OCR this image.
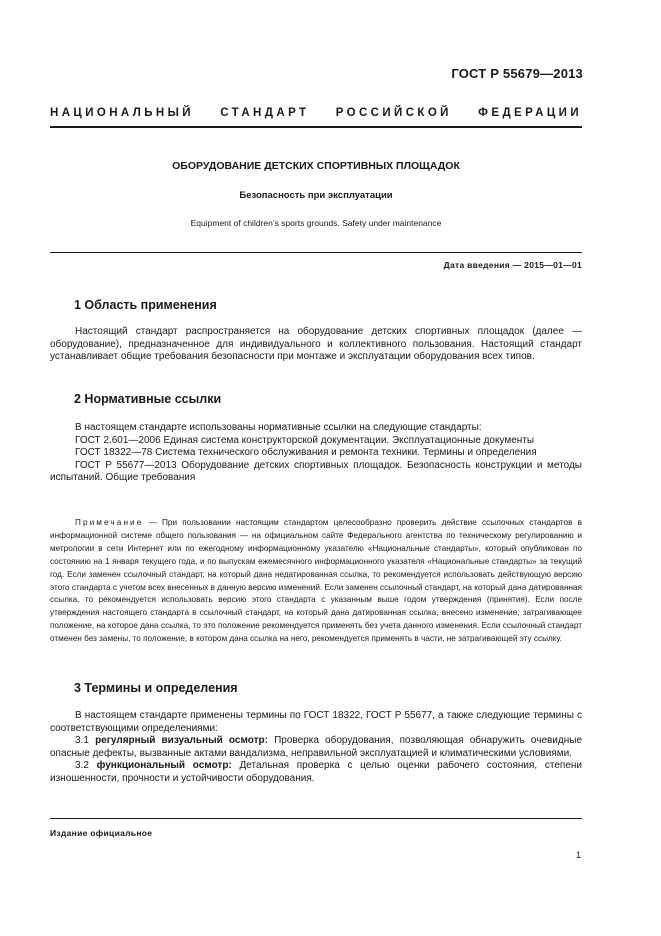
ГОСТ Р 55679—2013
НАЦИОНАЛЬНЫЙ СТАНДАРТ РОССИЙСКОЙ ФЕДЕРАЦИИ
ОБОРУДОВАНИЕ ДЕТСКИХ СПОРТИВНЫХ ПЛОЩАДОК
Безопасность при эксплуатации
Equipment of children’s sports grounds. Safety under maintenance
Дата введения — 2015—01—01
1 Область применения

Настоящий стандарт распространяется на оборудование детских спортивных площадок (далее — оборудование), предназначенное для индивидуального и коллективного пользования. Настоящий стандарт устанавливает общие требования безопасности при монтаже и эксплуатации оборудования всех типов.

2 Нормативные ссылки

В настоящем стандарте использованы нормативные ссылки на следующие стандарты:

ГОСТ 2.601—2006 Единая система конструкторской документации. Эксплуатационные документы

ГОСТ 18322—78 Система технического обслуживания и ремонта техники. Термины и определения

ГОСТ Р 55677—2013 Оборудование детских спортивных площадок. Безопасность конструкции и методы испытаний. Общие требования

Примечание — При пользовании настоящим стандартом целесообразно проверить действие ссылочных стандартов в информационной системе общего пользования — на официальном сайте Федерального агентства по техническому регулированию и метрологии в сети Интернет или по ежегодному информационному указателю «Национальные стандарты», который опубликован по состоянию на 1 января текущего года, и по выпускам ежемесячного информационного указателя «Национальные стандарты» за текущий год. Если заменен ссылочный стандарт, на который дана недатированная ссылка, то рекомендуется использовать действующую версию этого стандарта с учетом всех внесенных в данную версию изменений. Если заменен ссылочный стандарт, на который дана датированная ссылка, то рекомендуется использовать версию этого стандарта с указанным выше годом утверждения (принятия). Если после утверждения настоящего стандарта в ссылочный стандарт, на который дана датированная ссылка, внесено изменение, затрагивающее положение, на которое дана ссылка, то это положение рекомендуется применять без учета данного изменения. Если ссылочный стандарт отменен без замены, то положение, в котором дана ссылка на него, рекомендуется применять в части, не затрагивающей эту ссылку.

3 Термины и определения

В настоящем стандарте применены термины по ГОСТ 18322, ГОСТ Р 55677, а также следующие термины с соответствующими определениями:

3.1 регулярный визуальный осмотр: Проверка оборудования, позволяющая обнаружить очевидные опасные дефекты, вызванные актами вандализма, неправильной эксплуатацией и климатическими условиями.

3.2 функциональный осмотр: Детальная проверка с целью оценки рабочего состояния, степени изношенности, прочности и устойчивости оборудования.

Издание официальное
1
